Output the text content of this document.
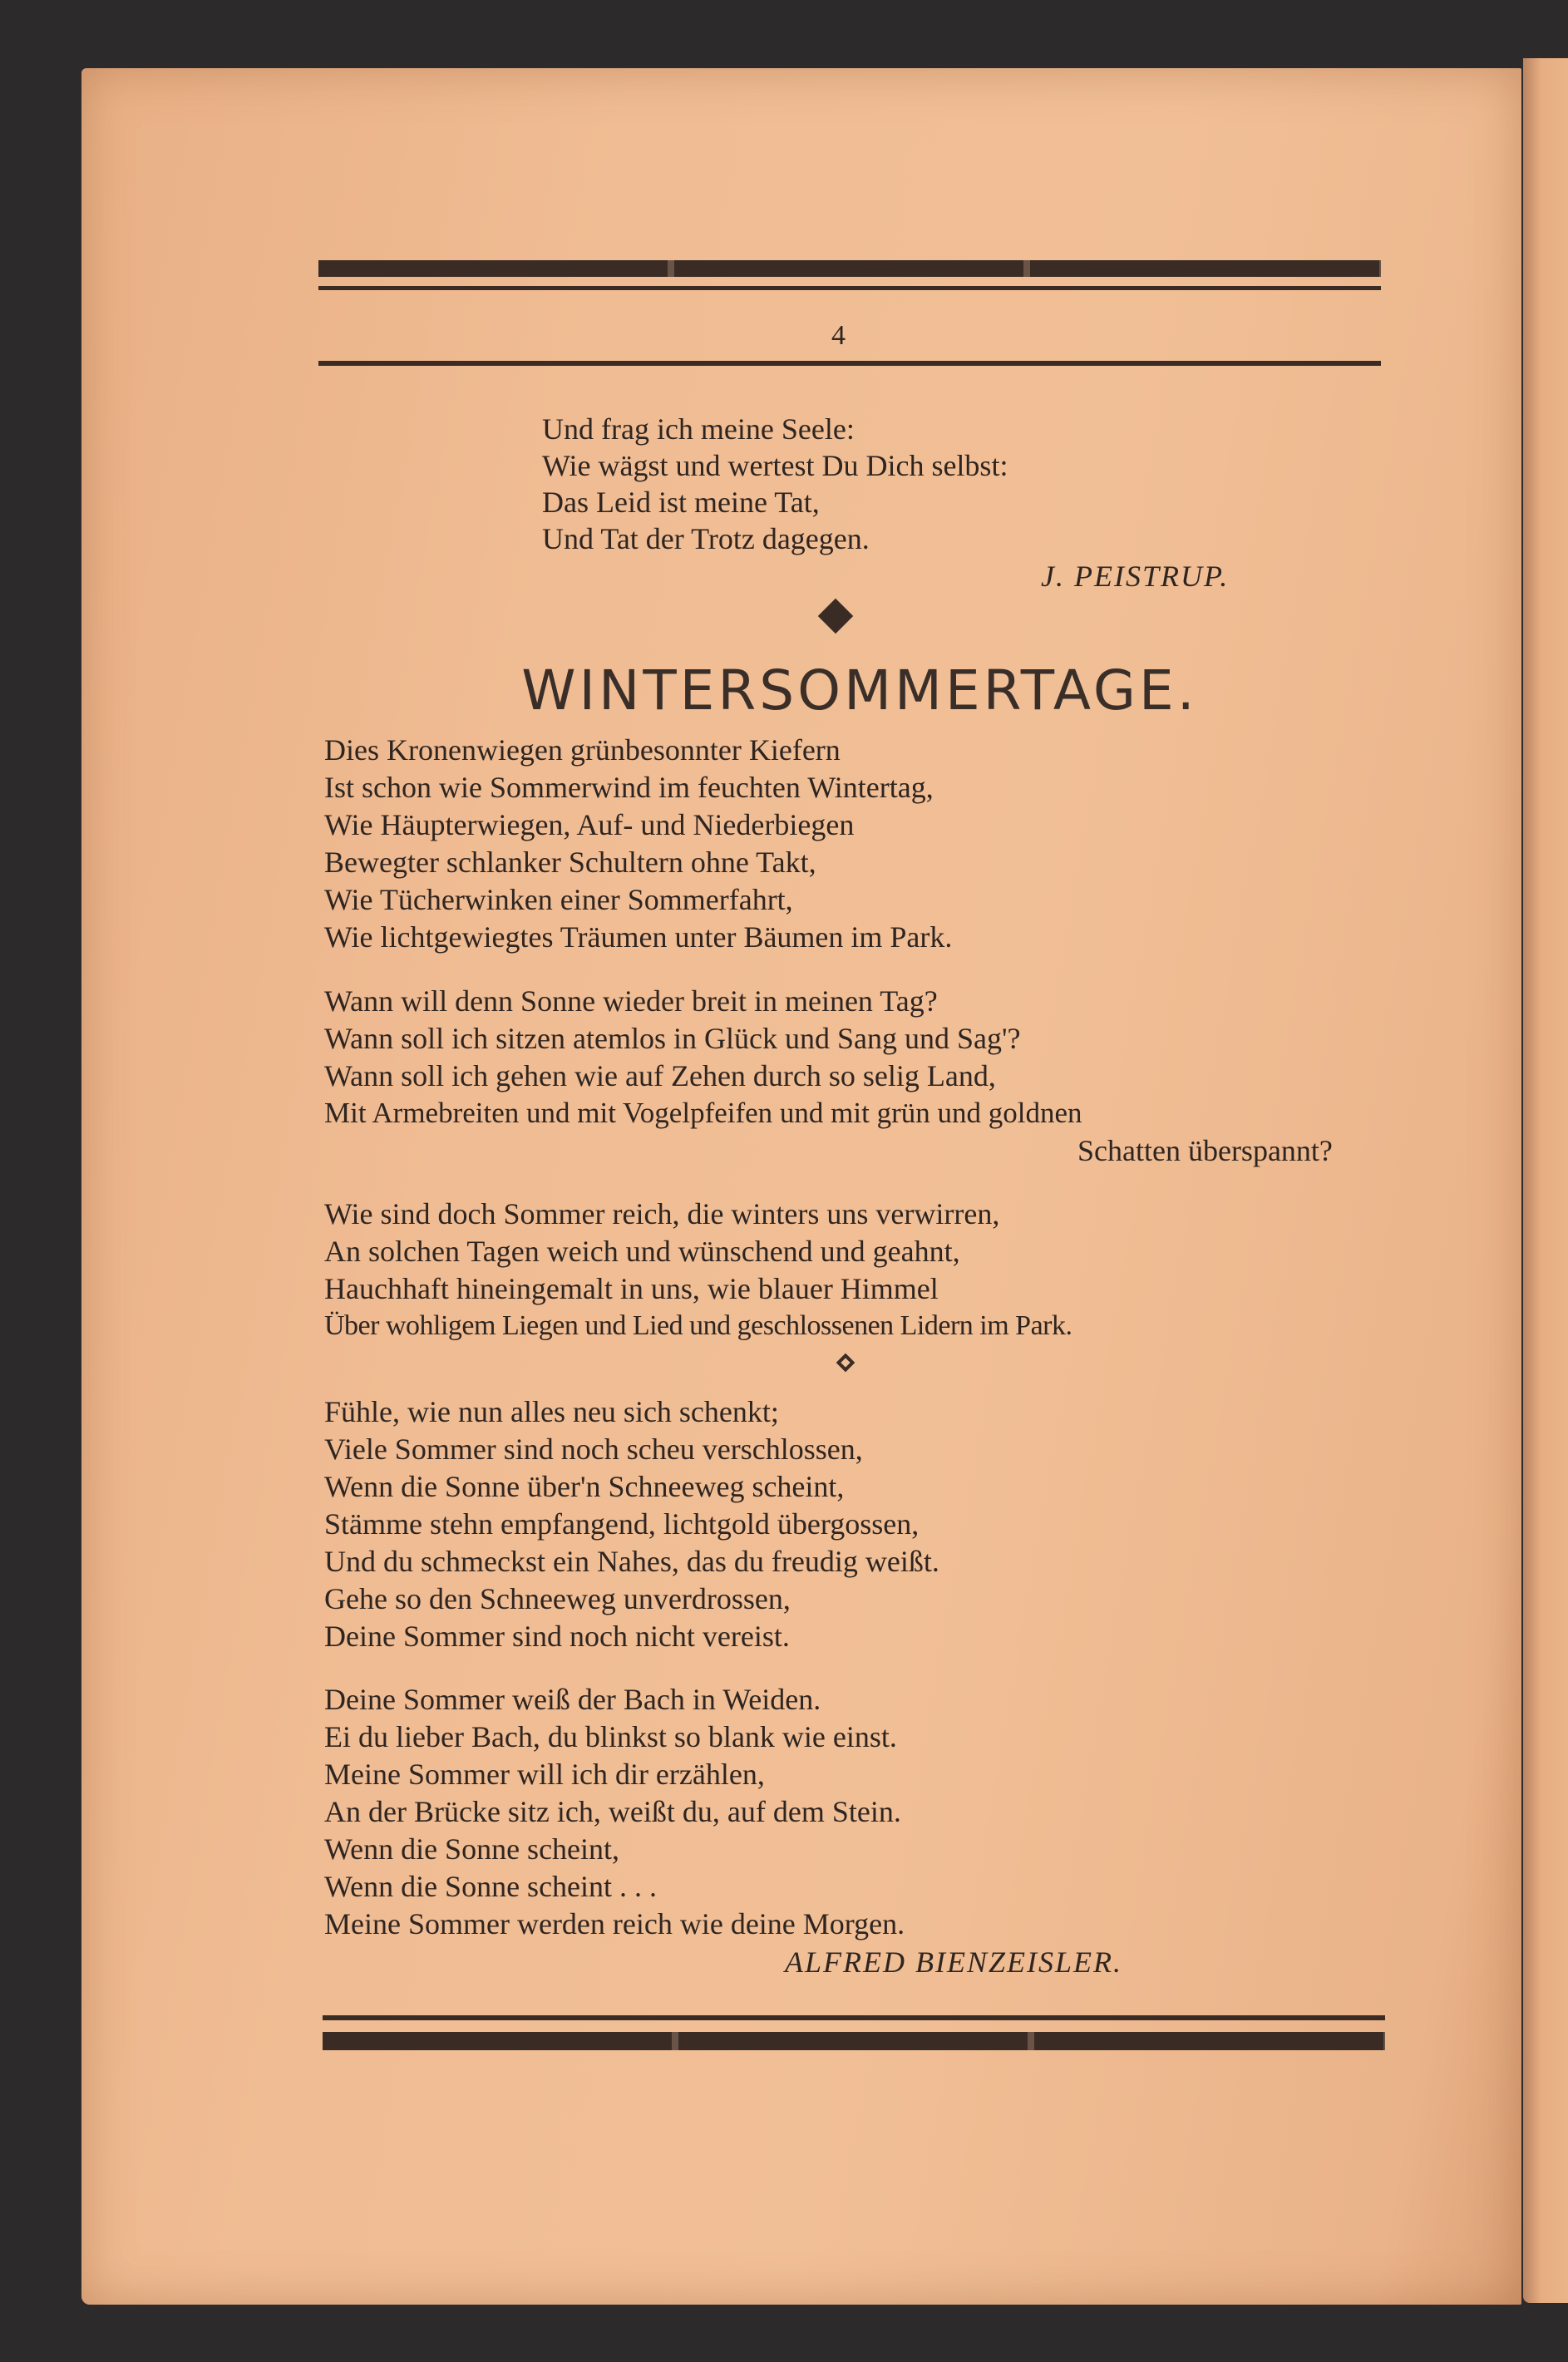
4
Und frag ich meine Seele:
Wie wägst und wertest Du Dich selbst:
Das Leid ist meine Tat,
Und Tat der Trotz dagegen.
J. PEISTRUP.
WINTERSOMMERTAGE.
Dies Kronenwiegen grünbesonnter Kiefern
Ist schon wie Sommerwind im feuchten Wintertag,
Wie Häupterwiegen, Auf- und Niederbiegen
Bewegter schlanker Schultern ohne Takt,
Wie Tücherwinken einer Sommerfahrt,
Wie lichtgewiegtes Träumen unter Bäumen im Park.
Wann will denn Sonne wieder breit in meinen Tag?
Wann soll ich sitzen atemlos in Glück und Sang und Sag'?
Wann soll ich gehen wie auf Zehen durch so selig Land,
Mit Armebreiten und mit Vogelpfeifen und mit grün und goldnen
Schatten überspannt?
Wie sind doch Sommer reich, die winters uns verwirren,
An solchen Tagen weich und wünschend und geahnt,
Hauchhaft hineingemalt in uns, wie blauer Himmel
Über wohligem Liegen und Lied und geschlossenen Lidern im Park.
Fühle, wie nun alles neu sich schenkt;
Viele Sommer sind noch scheu verschlossen,
Wenn die Sonne über'n Schneeweg scheint,
Stämme stehn empfangend, lichtgold übergossen,
Und du schmeckst ein Nahes, das du freudig weißt.
Gehe so den Schneeweg unverdrossen,
Deine Sommer sind noch nicht vereist.
Deine Sommer weiß der Bach in Weiden.
Ei du lieber Bach, du blinkst so blank wie einst.
Meine Sommer will ich dir erzählen,
An der Brücke sitz ich, weißt du, auf dem Stein.
Wenn die Sonne scheint,
Wenn die Sonne scheint . . .
Meine Sommer werden reich wie deine Morgen.
ALFRED BIENZEISLER.
